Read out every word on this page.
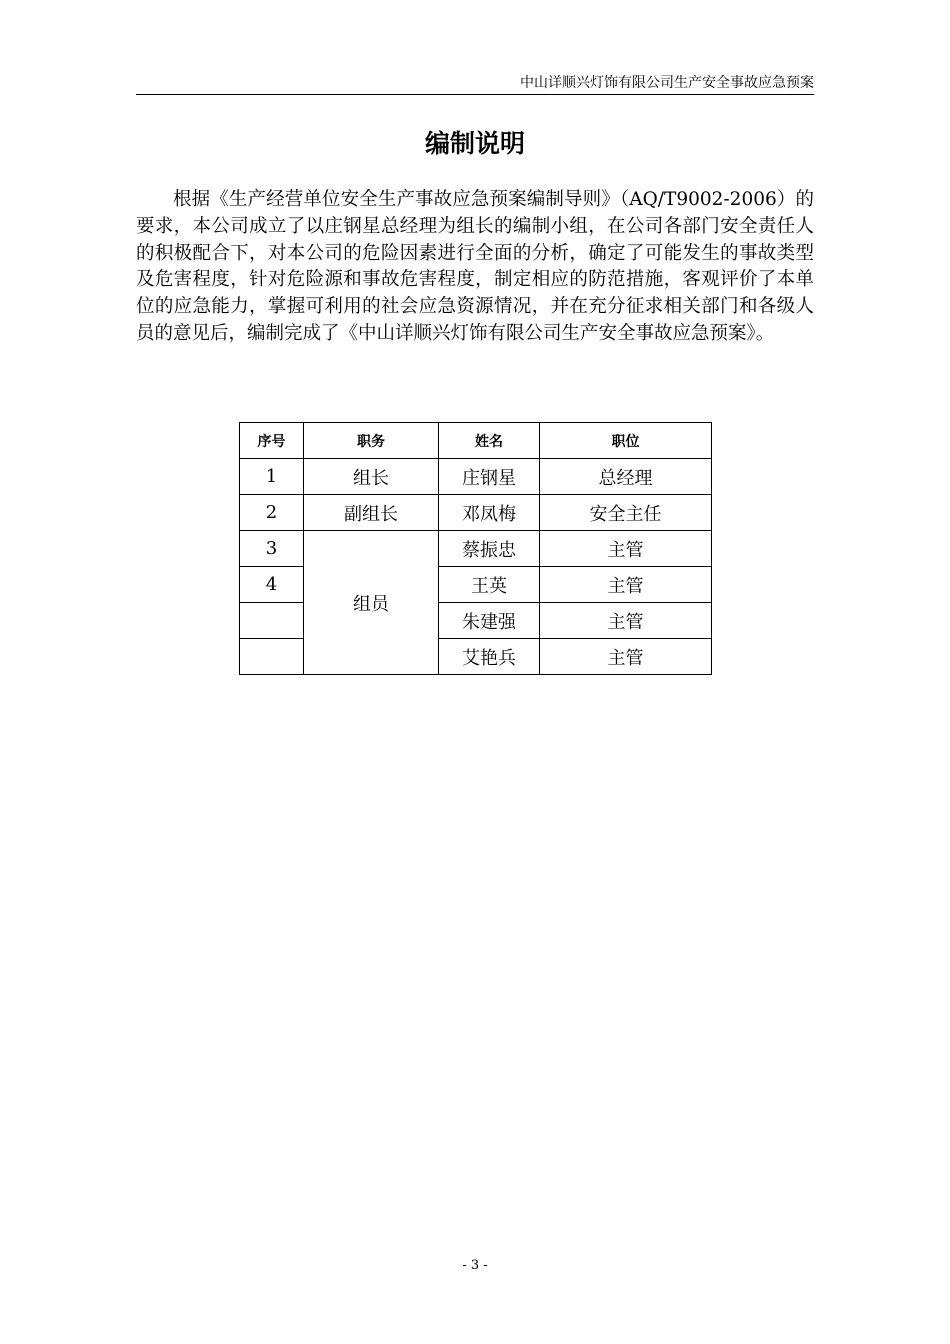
中山详顺兴灯饰有限公司生产安全事故应急预案
编制说明

根据《生产经营单位安全生产事故应急预案编制导则》（AQ/T9002-2006）的要求，本公司成立了以庄钢星总经理为组长的编制小组，在公司各部门安全责任人的积极配合下，对本公司的危险因素进行全面的分析，确定了可能发生的事故类型及危害程度，针对危险源和事故危害程度，制定相应的防范措施，客观评价了本单位的应急能力，掌握可利用的社会应急资源情况，并在充分征求相关部门和各级人员的意见后，编制完成了《中山详顺兴灯饰有限公司生产安全事故应急预案》。

序号	职务	姓名	职位
1	组长	庄钢星	总经理
2	副组长	邓凤梅	安全主任
3	组员	蔡振忠	主管
4		王英	主管
		朱建强	主管
		艾艳兵	主管
- 3 -
